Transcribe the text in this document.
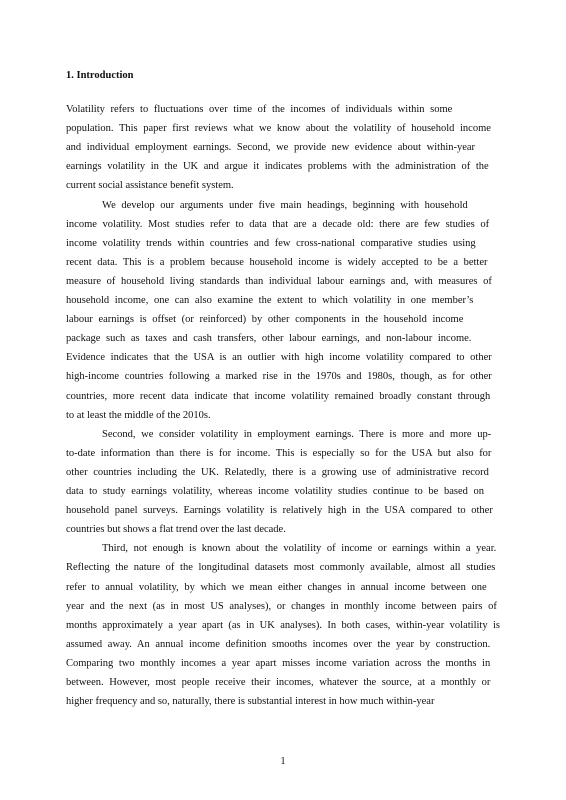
1. Introduction
Volatility refers to fluctuations over time of the incomes of individuals within some
population. This paper first reviews what we know about the volatility of household income
and individual employment earnings. Second, we provide new evidence about within-year
earnings volatility in the UK and argue it indicates problems with the administration of the
current social assistance benefit system.
We develop our arguments under five main headings, beginning with household
income volatility. Most studies refer to data that are a decade old: there are few studies of
income volatility trends within countries and few cross-national comparative studies using
recent data. This is a problem because household income is widely accepted to be a better
measure of household living standards than individual labour earnings and, with measures of
household income, one can also examine the extent to which volatility in one member’s
labour earnings is offset (or reinforced) by other components in the household income
package such as taxes and cash transfers, other labour earnings, and non-labour income.
Evidence indicates that the USA is an outlier with high income volatility compared to other
high-income countries following a marked rise in the 1970s and 1980s, though, as for other
countries, more recent data indicate that income volatility remained broadly constant through
to at least the middle of the 2010s.
Second, we consider volatility in employment earnings. There is more and more up-
to-date information than there is for income. This is especially so for the USA but also for
other countries including the UK. Relatedly, there is a growing use of administrative record
data to study earnings volatility, whereas income volatility studies continue to be based on
household panel surveys. Earnings volatility is relatively high in the USA compared to other
countries but shows a flat trend over the last decade.
Third, not enough is known about the volatility of income or earnings within a year.
Reflecting the nature of the longitudinal datasets most commonly available, almost all studies
refer to annual volatility, by which we mean either changes in annual income between one
year and the next (as in most US analyses), or changes in monthly income between pairs of
months approximately a year apart (as in UK analyses). In both cases, within-year volatility is
assumed away. An annual income definition smooths incomes over the year by construction.
Comparing two monthly incomes a year apart misses income variation across the months in
between. However, most people receive their incomes, whatever the source, at a monthly or
higher frequency and so, naturally, there is substantial interest in how much within-year
1
